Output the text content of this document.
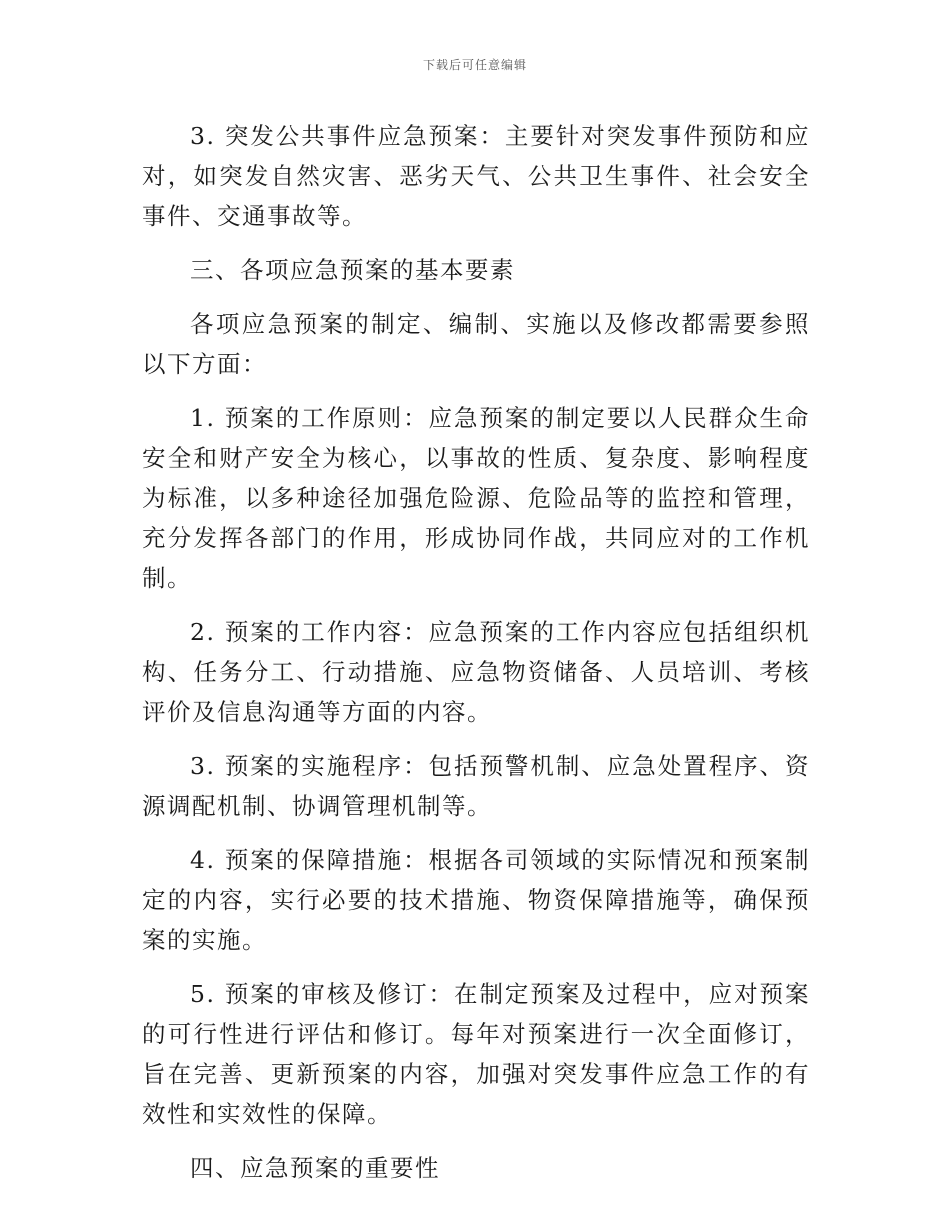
下载后可任意编辑

3. 突发公共事件应急预案：主要针对突发事件预防和应对，如突发自然灾害、恶劣天气、公共卫生事件、社会安全事件、交通事故等。

三、各项应急预案的基本要素

各项应急预案的制定、编制、实施以及修改都需要参照以下方面：

1. 预案的工作原则：应急预案的制定要以人民群众生命安全和财产安全为核心，以事故的性质、复杂度、影响程度为标准，以多种途径加强危险源、危险品等的监控和管理，充分发挥各部门的作用，形成协同作战，共同应对的工作机制。

2. 预案的工作内容：应急预案的工作内容应包括组织机构、任务分工、行动措施、应急物资储备、人员培训、考核评价及信息沟通等方面的内容。

3. 预案的实施程序：包括预警机制、应急处置程序、资源调配机制、协调管理机制等。

4. 预案的保障措施：根据各司领域的实际情况和预案制定的内容，实行必要的技术措施、物资保障措施等，确保预案的实施。

5. 预案的审核及修订：在制定预案及过程中，应对预案的可行性进行评估和修订。每年对预案进行一次全面修订，旨在完善、更新预案的内容，加强对突发事件应急工作的有效性和实效性的保障。

四、应急预案的重要性
